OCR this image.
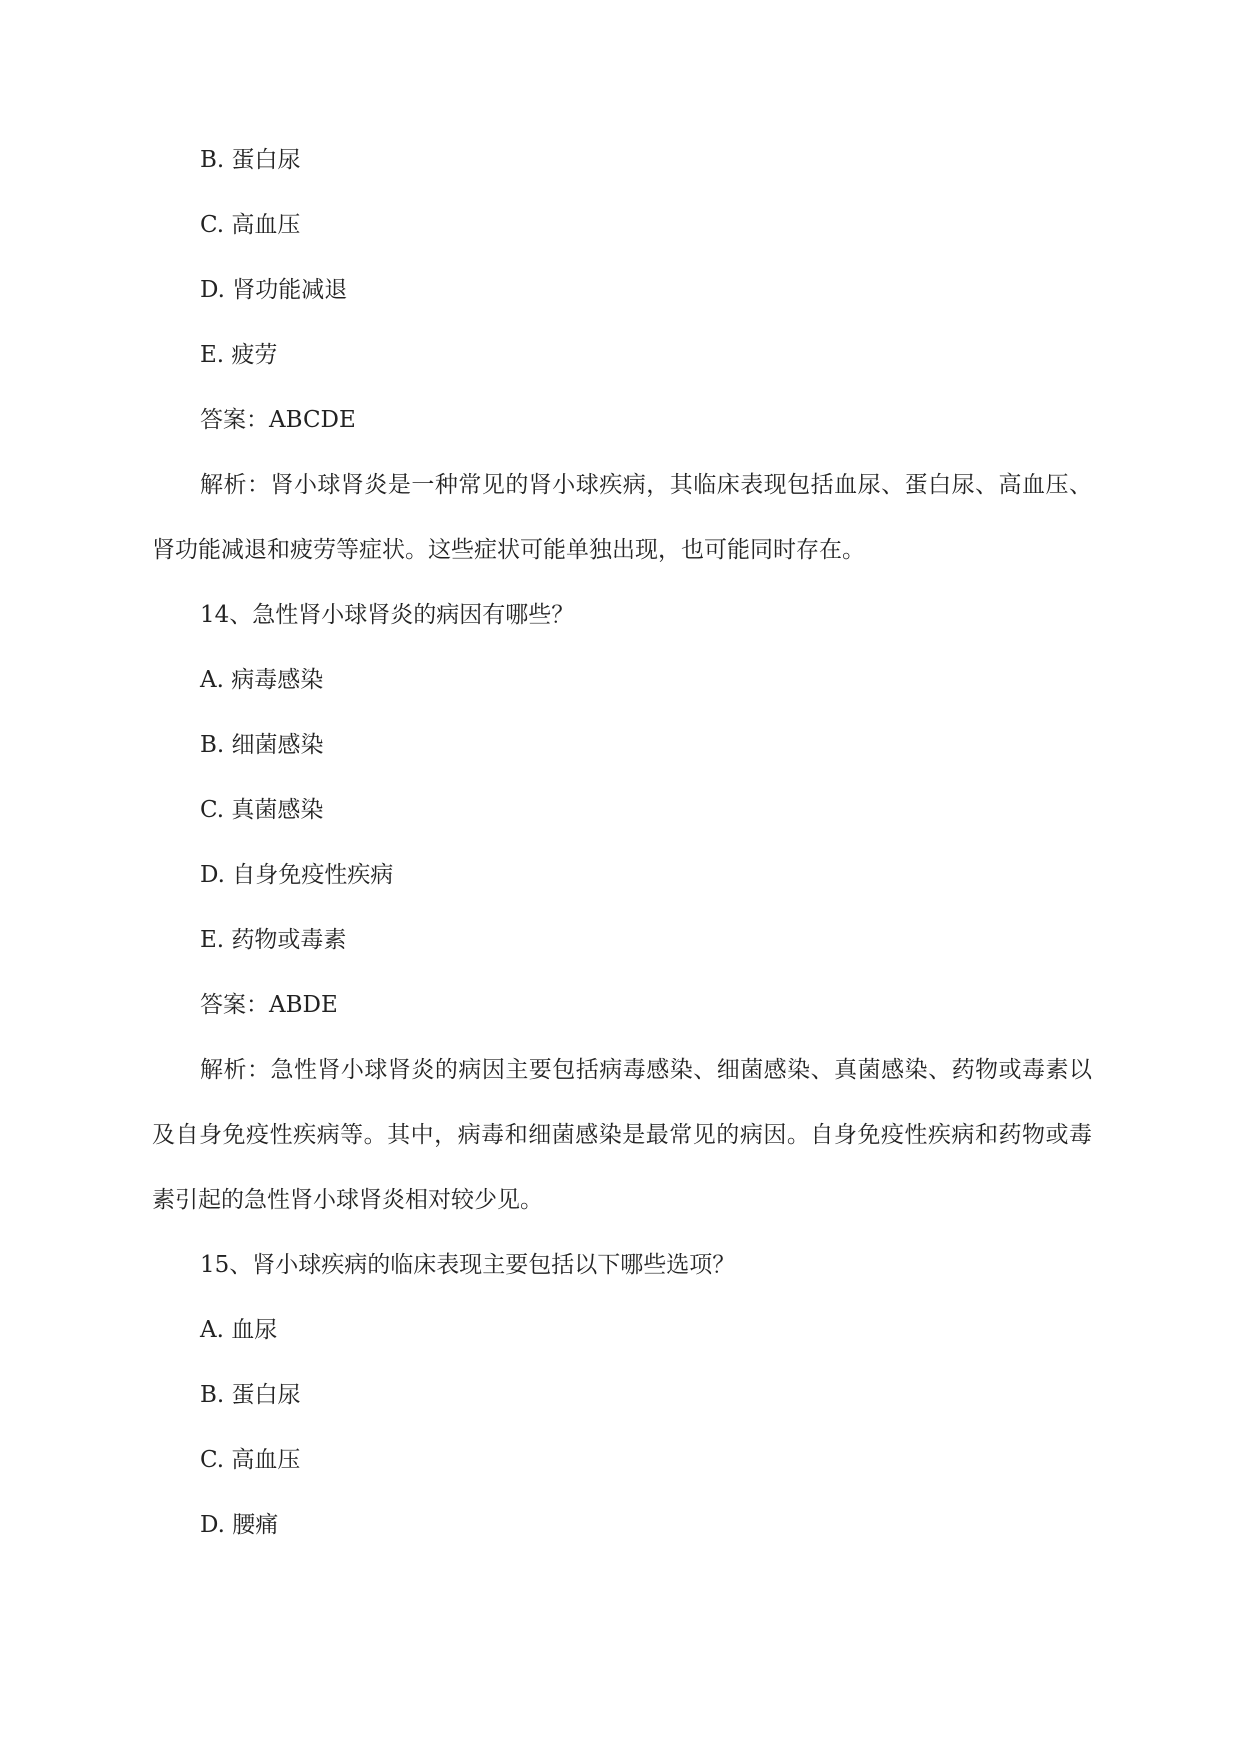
B. 蛋白尿

C. 高血压

D. 肾功能减退

E. 疲劳

答案：ABCDE

解析：肾小球肾炎是一种常见的肾小球疾病，其临床表现包括血尿、蛋白尿、高血压、肾功能减退和疲劳等症状。这些症状可能单独出现，也可能同时存在。

14、急性肾小球肾炎的病因有哪些？

A. 病毒感染

B. 细菌感染

C. 真菌感染

D. 自身免疫性疾病

E. 药物或毒素

答案：ABDE

解析：急性肾小球肾炎的病因主要包括病毒感染、细菌感染、真菌感染、药物或毒素以及自身免疫性疾病等。其中，病毒和细菌感染是最常见的病因。自身免疫性疾病和药物或毒素引起的急性肾小球肾炎相对较少见。

15、肾小球疾病的临床表现主要包括以下哪些选项？

A. 血尿

B. 蛋白尿

C. 高血压

D. 腰痛
